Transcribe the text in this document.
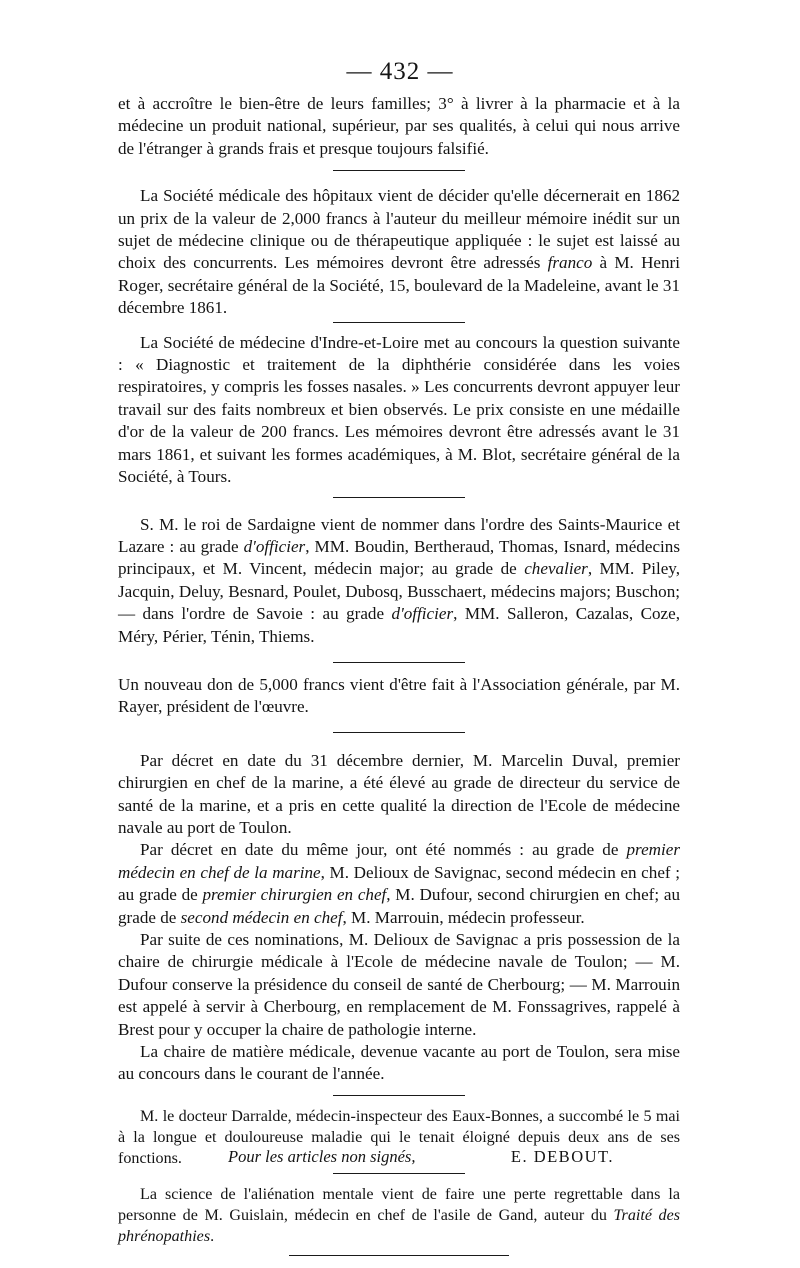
— 432 —

et à accroître le bien-être de leurs familles; 3° à livrer à la pharmacie et à la médecine un produit national, supérieur, par ses qualités, à celui qui nous arrive de l'étranger à grands frais et presque toujours falsifié.

La Société médicale des hôpitaux vient de décider qu'elle décernerait en 1862 un prix de la valeur de 2,000 francs à l'auteur du meilleur mémoire inédit sur un sujet de médecine clinique ou de thérapeutique appliquée : le sujet est laissé au choix des concurrents. Les mémoires devront être adressés franco à M. Henri Roger, secrétaire général de la Société, 15, boulevard de la Madeleine, avant le 31 décembre 1861.

La Société de médecine d'Indre-et-Loire met au concours la question suivante : « Diagnostic et traitement de la diphthérie considérée dans les voies respiratoires, y compris les fosses nasales. » Les concurrents devront appuyer leur travail sur des faits nombreux et bien observés. Le prix consiste en une médaille d'or de la valeur de 200 francs. Les mémoires devront être adressés avant le 31 mars 1861, et suivant les formes académiques, à M. Blot, secrétaire général de la Société, à Tours.

S. M. le roi de Sardaigne vient de nommer dans l'ordre des Saints-Maurice et Lazare : au grade d'officier, MM. Boudin, Bertheraud, Thomas, Isnard, médecins principaux, et M. Vincent, médecin major; au grade de chevalier, MM. Piley, Jacquin, Deluy, Besnard, Poulet, Dubosq, Busschaert, médecins majors; Buschon; — dans l'ordre de Savoie : au grade d'officier, MM. Salleron, Cazalas, Coze, Méry, Périer, Ténin, Thiems.

Un nouveau don de 5,000 francs vient d'être fait à l'Association générale, par M. Rayer, président de l'œuvre.

Par décret en date du 31 décembre dernier, M. Marcelin Duval, premier chirurgien en chef de la marine, a été élevé au grade de directeur du service de santé de la marine, et a pris en cette qualité la direction de l'Ecole de médecine navale au port de Toulon.

Par décret en date du même jour, ont été nommés : au grade de premier médecin en chef de la marine, M. Delioux de Savignac, second médecin en chef ; au grade de premier chirurgien en chef, M. Dufour, second chirurgien en chef; au grade de second médecin en chef, M. Marrouin, médecin professeur.

Par suite de ces nominations, M. Delioux de Savignac a pris possession de la chaire de chirurgie médicale à l'Ecole de médecine navale de Toulon; — M. Dufour conserve la présidence du conseil de santé de Cherbourg; — M. Marrouin est appelé à servir à Cherbourg, en remplacement de M. Fonssagrives, rappelé à Brest pour y occuper la chaire de pathologie interne.

La chaire de matière médicale, devenue vacante au port de Toulon, sera mise au concours dans le courant de l'année.

M. le docteur Darralde, médecin-inspecteur des Eaux-Bonnes, a succombé le 5 mai à la longue et douloureuse maladie qui le tenait éloigné depuis deux ans de ses fonctions.

La science de l'aliénation mentale vient de faire une perte regrettable dans la personne de M. Guislain, médecin en chef de l'asile de Gand, auteur du Traité des phrénopathies.

Pour les articles non signés,	E. DEBOUT.
